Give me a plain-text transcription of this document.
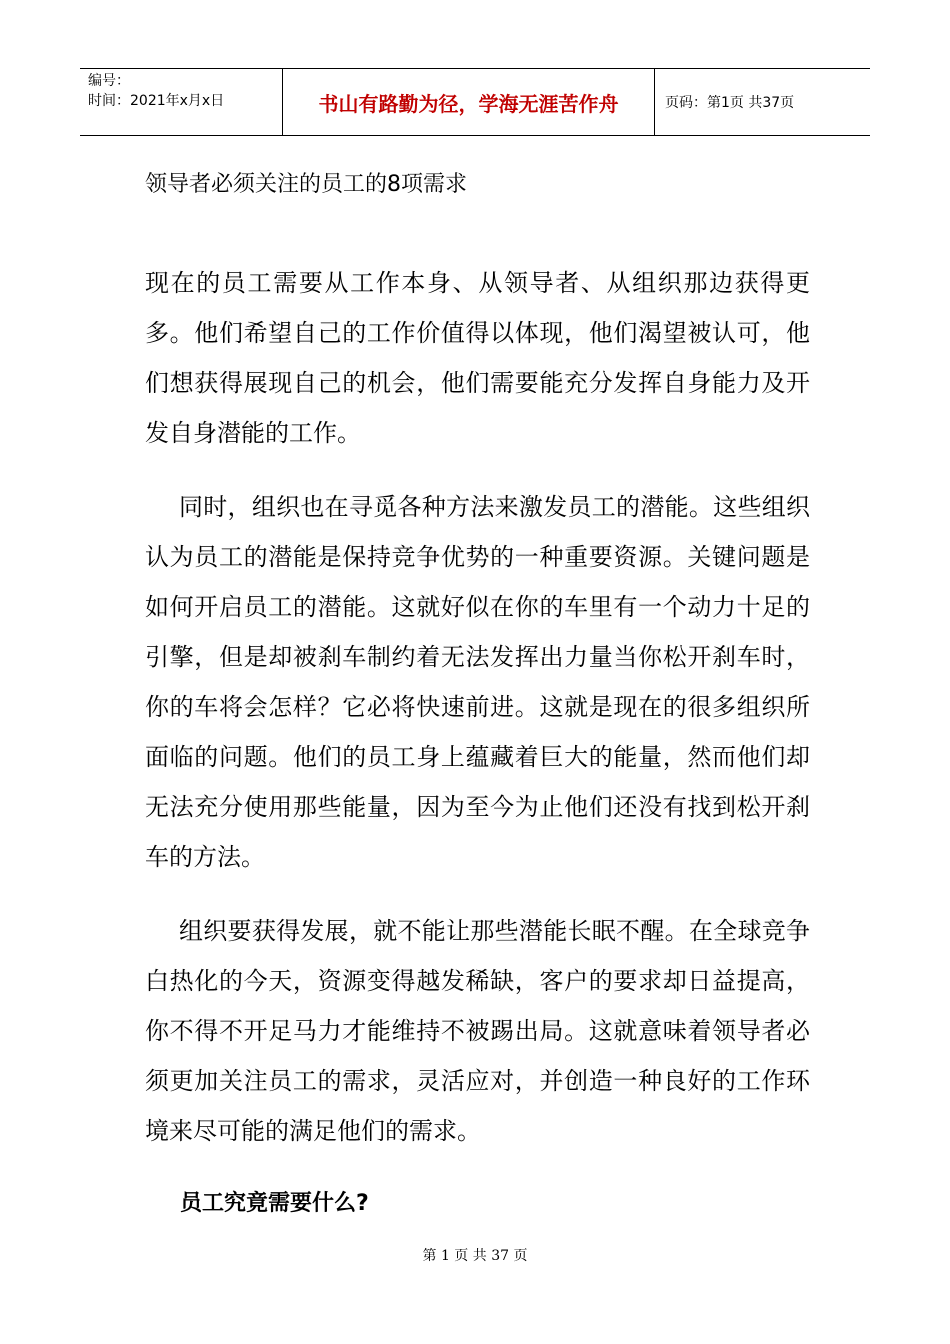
编号：
时间：2021年x月x日	书山有路勤为径，学海无涯苦作舟	页码：第1页 共37页
领导者必须关注的员工的8项需求

现在的员工需要从工作本身、从领导者、从组织那边获得更多。他们希望自己的工作价值得以体现，他们渴望被认可，他们想获得展现自己的机会，他们需要能充分发挥自身能力及开发自身潜能的工作。

同时，组织也在寻觅各种方法来激发员工的潜能。这些组织认为员工的潜能是保持竞争优势的一种重要资源。关键问题是如何开启员工的潜能。这就好似在你的车里有一个动力十足的引擎，但是却被刹车制约着无法发挥出力量当你松开刹车时，你的车将会怎样？它必将快速前进。这就是现在的很多组织所面临的问题。他们的员工身上蕴藏着巨大的能量，然而他们却无法充分使用那些能量，因为至今为止他们还没有找到松开刹车的方法。

组织要获得发展，就不能让那些潜能长眠不醒。在全球竞争白热化的今天，资源变得越发稀缺，客户的要求却日益提高，你不得不开足马力才能维持不被踢出局。这就意味着领导者必须更加关注员工的需求，灵活应对，并创造一种良好的工作环境来尽可能的满足他们的需求。

员工究竟需要什么?
第 1 页 共 37 页
